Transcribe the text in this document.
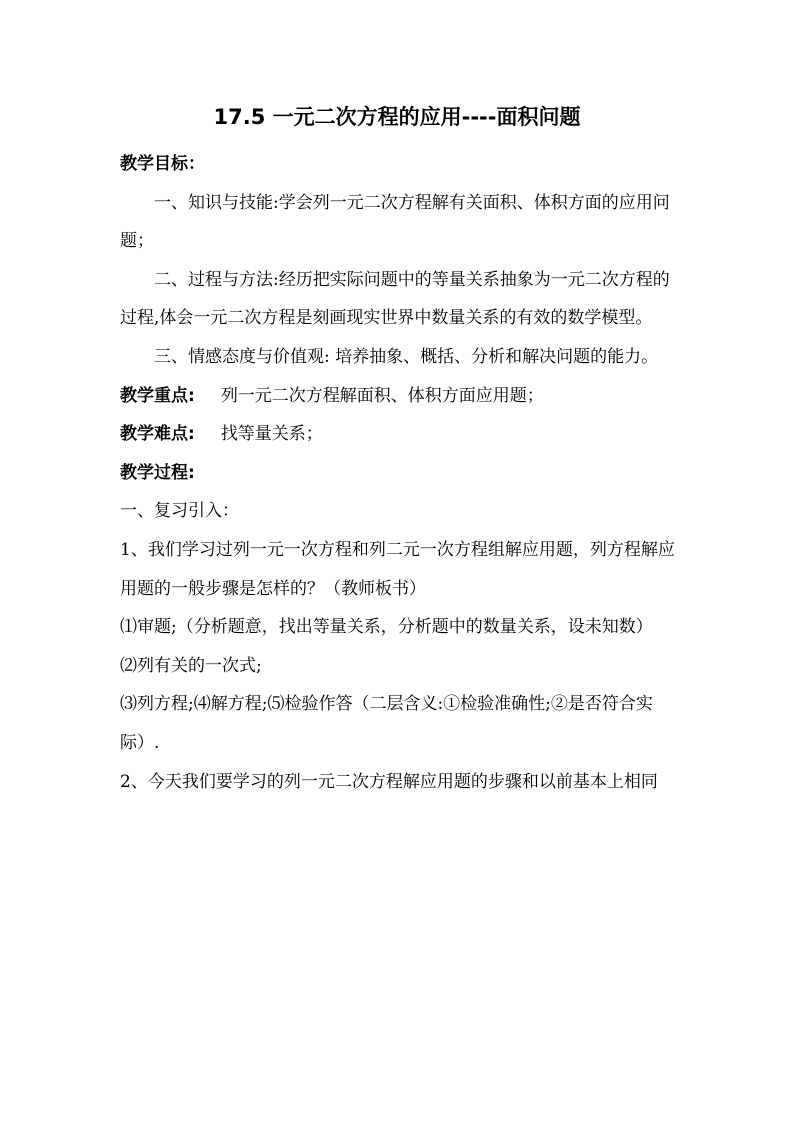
17.5 一元二次方程的应用----面积问题

教学目标：

一、知识与技能:学会列一元二次方程解有关面积、体积方面的应用问题；

二、过程与方法:经历把实际问题中的等量关系抽象为一元二次方程的过程,体会一元二次方程是刻画现实世界中数量关系的有效的数学模型。

三、情感态度与价值观: 培养抽象、概括、分析和解决问题的能力。

教学重点: 列一元二次方程解面积、体积方面应用题；

教学难点: 找等量关系；

教学过程:

一、复习引入：

1、我们学习过列一元一次方程和列二元一次方程组解应用题，列方程解应用题的一般步骤是怎样的？（教师板书）

⑴审题;（分析题意，找出等量关系，分析题中的数量关系，设未知数）

⑵列有关的一次式;

⑶列方程;⑷解方程;⑸检验作答（二层含义:①检验准确性;②是否符合实际）.

2、今天我们要学习的列一元二次方程解应用题的步骤和以前基本上相同
